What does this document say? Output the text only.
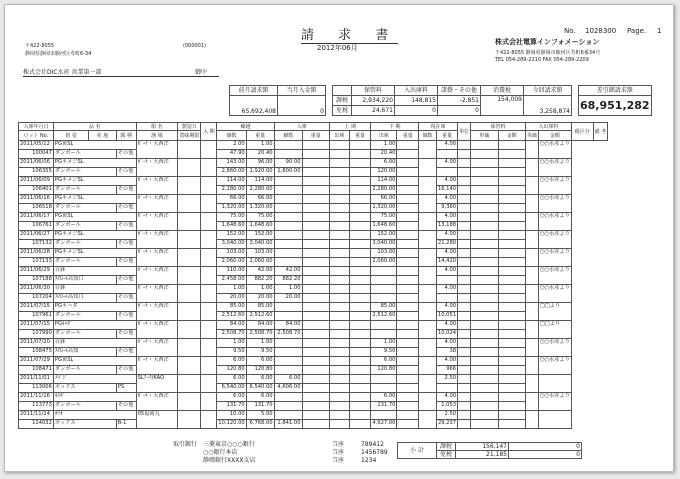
請 求 書
2012年06月
No. 1028300 Page. 1
〒422-8055	(000001)
静岡県静岡市駿河区寿町6-34
株式会社DIC水産 営業第一部	御中
株式会社電算インフォメーション
〒422-8055 静岡県静岡市駿河区寿町6番34号
TEL 054-289-2210 FAX 054-289-2209
前月請求額	当月入金額			保管料	入出庫料	諸掛・その他	消費税	今回請求額		差引御請求額
65,692,408	0		課税	2,934,220	148,815	-2,851	154,009	3,258,874		68,951,282
			免税	24,671	0	0				
入庫年月日	品 名			船 名	製造日	入 期	繰越		入庫		上 期		下 期		現在庫		単位	保管料		入出庫料		税区分	備 考
ロット No.	荷 姿	産 地	銘 柄	漁 場	賞味期限		個数	重量	個数	重量	出庫	重量	出庫	重量	個数	重量		単価	金額	単価	金額		
2011/05/12	PG黄SL			ｶﾞｰﾅ・大西洋			2.00	1.00					1.00			4.00					○○水産より		
100047	ダンボール		その他				47.90	20.40					20.40										
2011/06/06	PGキメジSL			ｶﾞｰﾅ・大西洋			143.00	96.00	90.00				6.00			4.00					○○水産より		
106355	ダンボール		その他				2,860.00	1,920.00	1,800.00				120.00										
2011/06/09	PGキメジSL			ｶﾞｰﾅ・大西洋			114.00	114.00					114.00			4.00					○○水産より		
106401	ダンボール		その他				2,280.00	2,280.00					2,280.00			16,140							
2011/06/16	PGキメジSL			ｶﾞｰﾅ・大西洋			66.00	66.00					66.00			4.00					○○水産より		
106518	ダンボール		その他				1,320.00	1,320.00					1,320.00			9,360							
2011/06/17	PG黄SL			ｶﾞｰﾅ・大西洋			75.00	75.00					75.00			4.00					○○水産より		
106761	ダンボール		その他				1,648.60	1,648.60					1,648.60			13,188							
2011/06/27	PGキメジSL			ｶﾞｰﾅ・大西洋			152.00	152.00					152.00			4.00					○○水産より		
107132	ダンボール		その他				3,040.00	3,040.00					3,040.00			21,280							
2011/06/28	PGキメジSL			ｶﾞｰﾅ・大西洋			103.00	103.00					103.00			4.00					○○水産より		
107133	ダンボール		その他				2,060.00	2,060.00					2,060.00			14,420							
2011/06/29	目鉢			ｶﾞｰﾅ・大西洋			110.00	42.00	42.00							4.00					○○水産より		
107188	ｽﾁﾛｰﾙ高知口		その他				2,458.00	882.20	882.20														
2011/06/30	目鉢			ｶﾞｰﾅ・大西洋			1.00	1.00	1.00							4.00					○○水産より		
107204	ｽﾁﾛｰﾙ高知口		その他				20.00	20.00	20.00														
2011/07/15	PGキハダ			ｶﾞｰﾅ・大西洋			85.00	85.00					85.00			4.00					□□より		
107961	ダンボール		その他				2,512.60	2,512.60					2,512.60			10,051							
2011/07/15	PGｷﾊﾀﾞ			ｶﾞｰﾅ・大西洋			84.00	84.00	84.00							4.00					□□より		
107990	ダンボール		その他				2,508.70	2,508.70	2,508.70							10,024							
2011/07/20	目鉢			ｶﾞｰﾅ・大西洋			1.00	1.00					1.00			4.00					○○水産より		
108475	ｽﾁﾛｰﾙ高知		その他				9.50	9.50					9.50			38							
2011/07/29	PG黄SL			ｶﾞｰﾅ・大西洋			6.00	6.00					6.00			4.00					○○水産より		
108471	ダンボール		その他				120.80	120.80					120.80			966							
2011/11/01	ﾒﾊﾞｼﾞ			SLｱｰｸ/KAO			6.00	6.00	6.00							2.50							
113006	ボックス		PS				6,540.00	6,540.00	4,606.00														
2011/11/16	ｷﾊﾀﾞ			ｶﾞｰﾅ・大西洋			6.00	6.00					6.00			4.00					○○水産より		
113773	ダンボール		その他				131.70	131.70					131.70			1,053							
2011/11/24	ｶﾂｵ			05福岡丸			10.00	5.00								2.50							
114032	ボックス		B-1				10,120.00	6,768.00	1,841.00				4,927.00			29,237							
取引銀行 三菱東京○○○銀行
○○銀行本店
静岡銀行XXXX支店
当座
当座
当座
789412
1456789
1234
小 計	課税	156,147	0
	免税	21,185	0
